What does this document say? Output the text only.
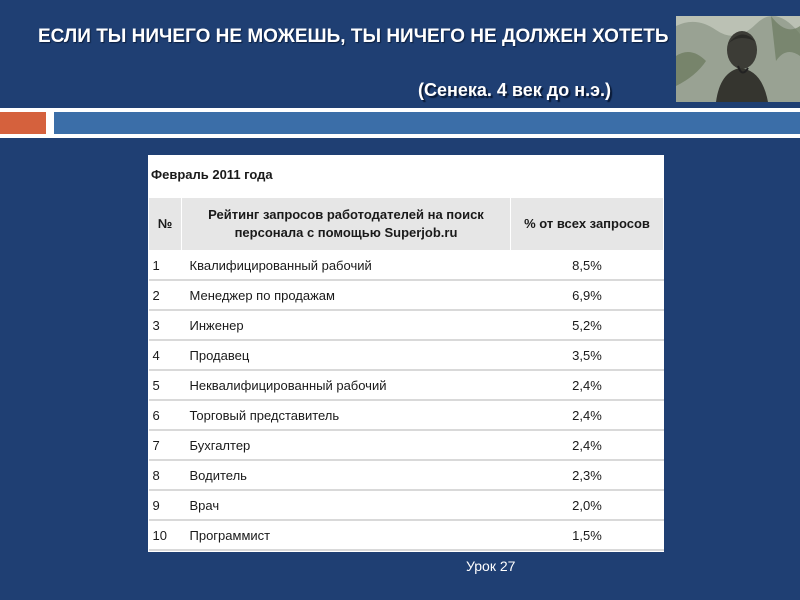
ЕСЛИ ТЫ НИЧЕГО НЕ МОЖЕШЬ, ТЫ НИЧЕГО НЕ ДОЛЖЕН ХОТЕТЬ
(Сенека. 4 век до н.э.)
Февраль 2011 года
№	Рейтинг запросов работодателей на поиск персонала с помощью Superjob.ru	% от всех запросов
1	Квалифицированный рабочий	8,5%
2	Менеджер по продажам	6,9%
3	Инженер	5,2%
4	Продавец	3,5%
5	Неквалифицированный рабочий	2,4%
6	Торговый представитель	2,4%
7	Бухгалтер	2,4%
8	Водитель	2,3%
9	Врач	2,0%
10	Программист	1,5%
Урок 27
